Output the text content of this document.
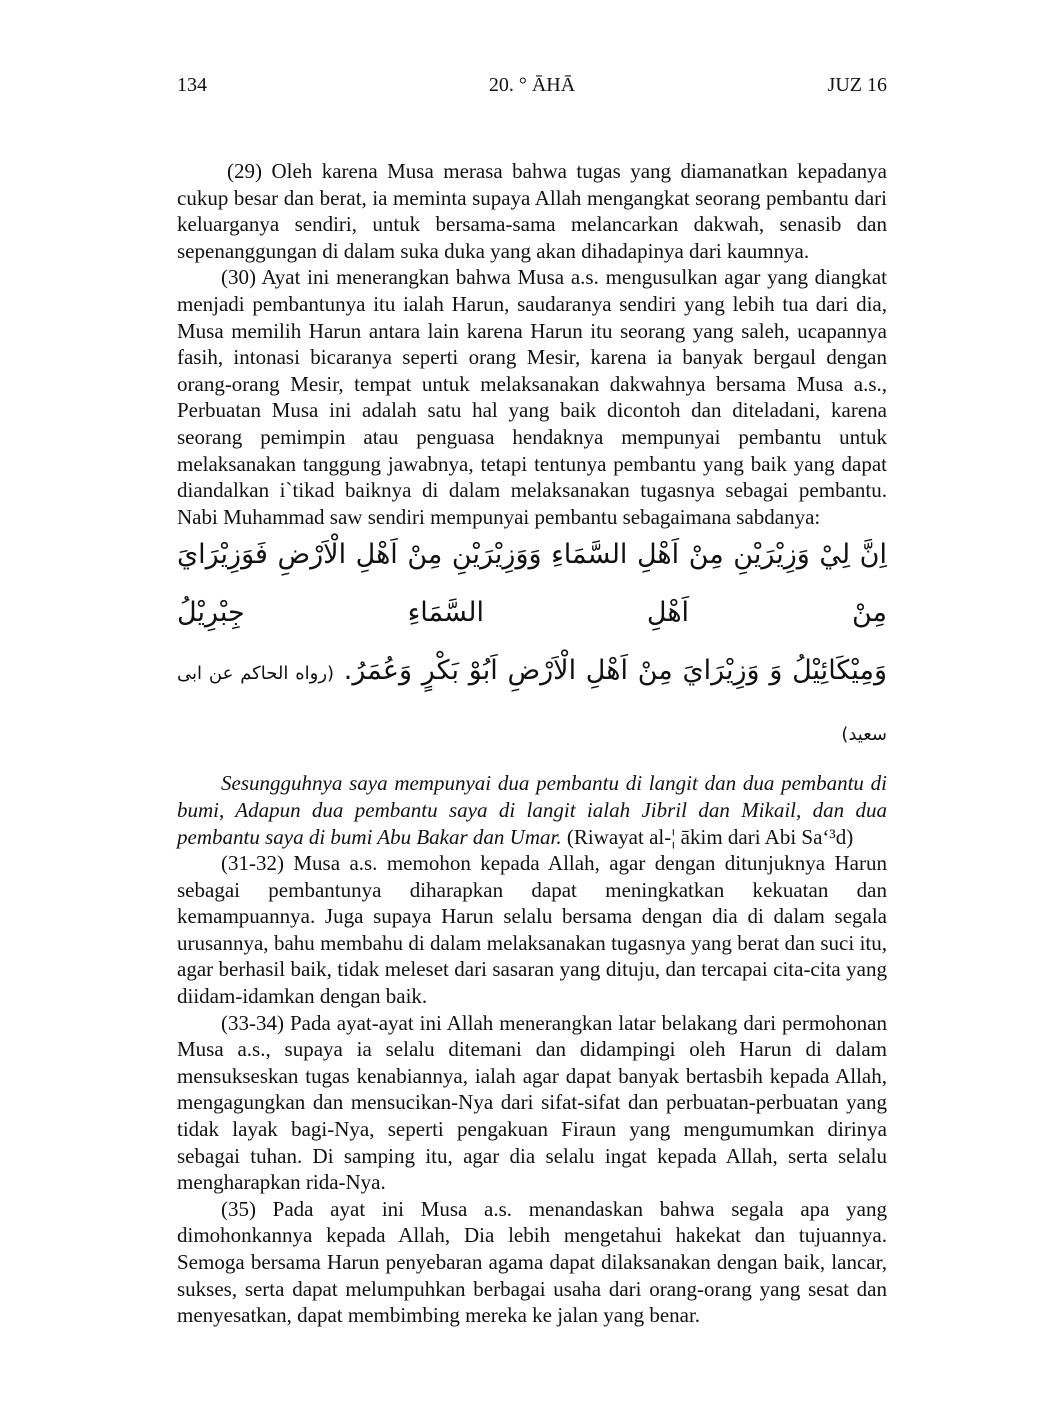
134	20. ° ĀHĀ	JUZ 16

(29) Oleh karena Musa merasa bahwa tugas yang diamanatkan kepadanya cukup besar dan berat, ia meminta supaya Allah mengangkat seorang pembantu dari keluarganya sendiri, untuk bersama-sama melancarkan dakwah, senasib dan sepenanggungan di dalam suka duka yang akan dihadapinya dari kaumnya.

(30) Ayat ini menerangkan bahwa Musa a.s. mengusulkan agar yang diangkat menjadi pembantunya itu ialah Harun, saudaranya sendiri yang lebih tua dari dia, Musa memilih Harun antara lain karena Harun itu seorang yang saleh, ucapannya fasih, intonasi bicaranya seperti orang Mesir, karena ia banyak bergaul dengan orang-orang Mesir, tempat untuk melaksanakan dakwahnya bersama Musa a.s., Perbuatan Musa ini adalah satu hal yang baik dicontoh dan diteladani, karena seorang pemimpin atau penguasa hendaknya mempunyai pembantu untuk melaksanakan tanggung jawabnya, tetapi tentunya pembantu yang baik yang dapat diandalkan i`tikad baiknya di dalam melaksanakan tugasnya sebagai pembantu. Nabi Muhammad saw sendiri mempunyai pembantu sebagaimana sabdanya:

اِنَّ لِيْ وَزِيْرَيْنِ مِنْ اَهْلِ السَّمَاءِ وَوَزِيْرَيْنِ مِنْ اَهْلِ الْاَرْضِ فَوَزِيْرَايَ مِنْ اَهْلِ السَّمَاءِ جِبْرِيْلُ
وَمِيْكَائِيْلُ وَ وَزِيْرَايَ مِنْ اَهْلِ الْاَرْضِ اَبُوْ بَكْرٍ وَعُمَرُ. (رواه الحاكم عن ابى سعيد)

Sesungguhnya saya mempunyai dua pembantu di langit dan dua pembantu di bumi, Adapun dua pembantu saya di langit ialah Jibril dan Mikail, dan dua pembantu saya di bumi Abu Bakar dan Umar. (Riwayat al-¦ ākim dari Abi Sa‘³d)

(31-32) Musa a.s. memohon kepada Allah, agar dengan ditunjuknya Harun sebagai pembantunya diharapkan dapat meningkatkan kekuatan dan kemampuannya. Juga supaya Harun selalu bersama dengan dia di dalam segala urusannya, bahu membahu di dalam melaksanakan tugasnya yang berat dan suci itu, agar berhasil baik, tidak meleset dari sasaran yang dituju, dan tercapai cita-cita yang diidam-idamkan dengan baik.

(33-34) Pada ayat-ayat ini Allah menerangkan latar belakang dari permohonan Musa a.s., supaya ia selalu ditemani dan didampingi oleh Harun di dalam mensukseskan tugas kenabiannya, ialah agar dapat banyak bertasbih kepada Allah, mengagungkan dan mensucikan-Nya dari sifat-sifat dan perbuatan-perbuatan yang tidak layak bagi-Nya, seperti pengakuan Firaun yang mengumumkan dirinya sebagai tuhan. Di samping itu, agar dia selalu ingat kepada Allah, serta selalu mengharapkan rida-Nya.

(35) Pada ayat ini Musa a.s. menandaskan bahwa segala apa yang dimohonkannya kepada Allah, Dia lebih mengetahui hakekat dan tujuannya. Semoga bersama Harun penyebaran agama dapat dilaksanakan dengan baik, lancar, sukses, serta dapat melumpuhkan berbagai usaha dari orang-orang yang sesat dan menyesatkan, dapat membimbing mereka ke jalan yang benar.
